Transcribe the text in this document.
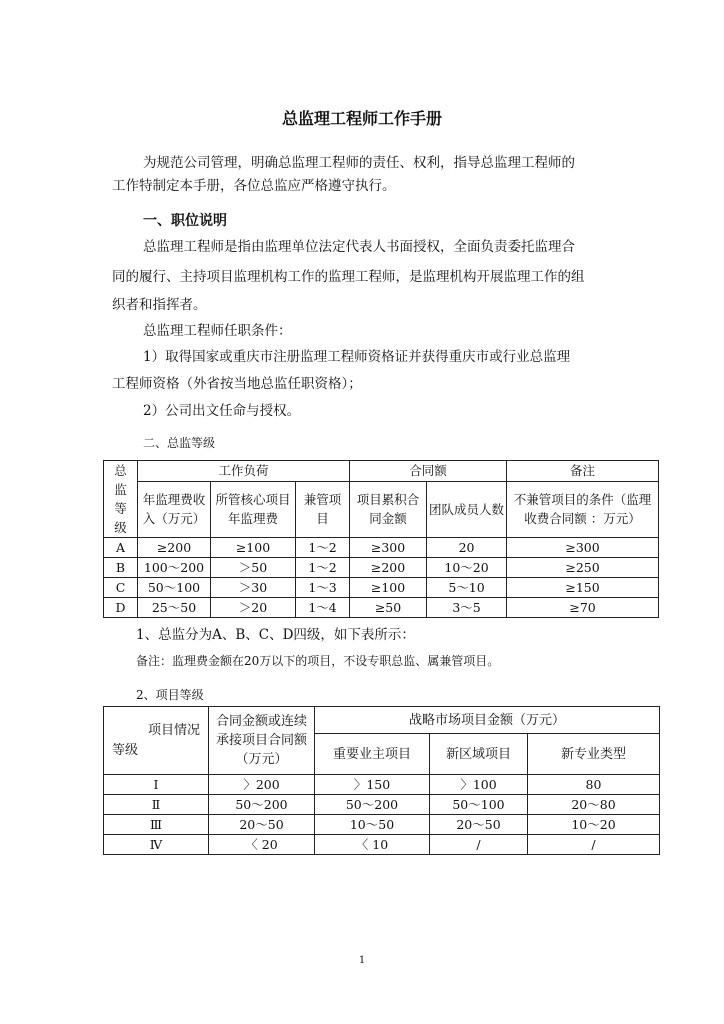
总监理工程师工作手册
为规范公司管理，明确总监理工程师的责任、权利，指导总监理工程师的
工作特制定本手册，各位总监应严格遵守执行。
一、职位说明
总监理工程师是指由监理单位法定代表人书面授权，全面负责委托监理合
同的履行、主持项目监理机构工作的监理工程师，是监理机构开展监理工作的组
织者和指挥者。
总监理工程师任职条件：
1）取得国家或重庆市注册监理工程师资格证并获得重庆市或行业总监理
工程师资格（外省按当地总监任职资格）；
2）公司出文任命与授权。
二、总监等级
总监等级	工作负荷			合同额		备注
	年监理费收入（万元）	所管核心项目年监理费	兼管项目	项目累积合同金额	团队成员人数	不兼管项目的条件（监理收费合同额 ：万元）
A	≥200	≥100	1～2	≥300	20	≥300
B	100～200	＞50	1～2	≥200	10～20	≥250
C	50～100	＞30	1～3	≥100	5～10	≥150
D	25～50	＞20	1～4	≥50	3～5	≥70
1、总监分为A、B、C、D四级，如下表所示：
备注：监理费金额在20万以下的项目，不设专职总监、属兼管项目。
2、项目等级
项目情况
等级	合同金额或连续承接项目合同额（万元）	战略市场项目金额（万元）		
		重要业主项目	新区域项目	新专业类型
Ⅰ	〉200	〉150	〉100	80
Ⅱ	50～200	50～200	50～100	20～80
Ⅲ	20～50	10～50	20～50	10～20
Ⅳ	〈 20	〈 10	/	/
1
